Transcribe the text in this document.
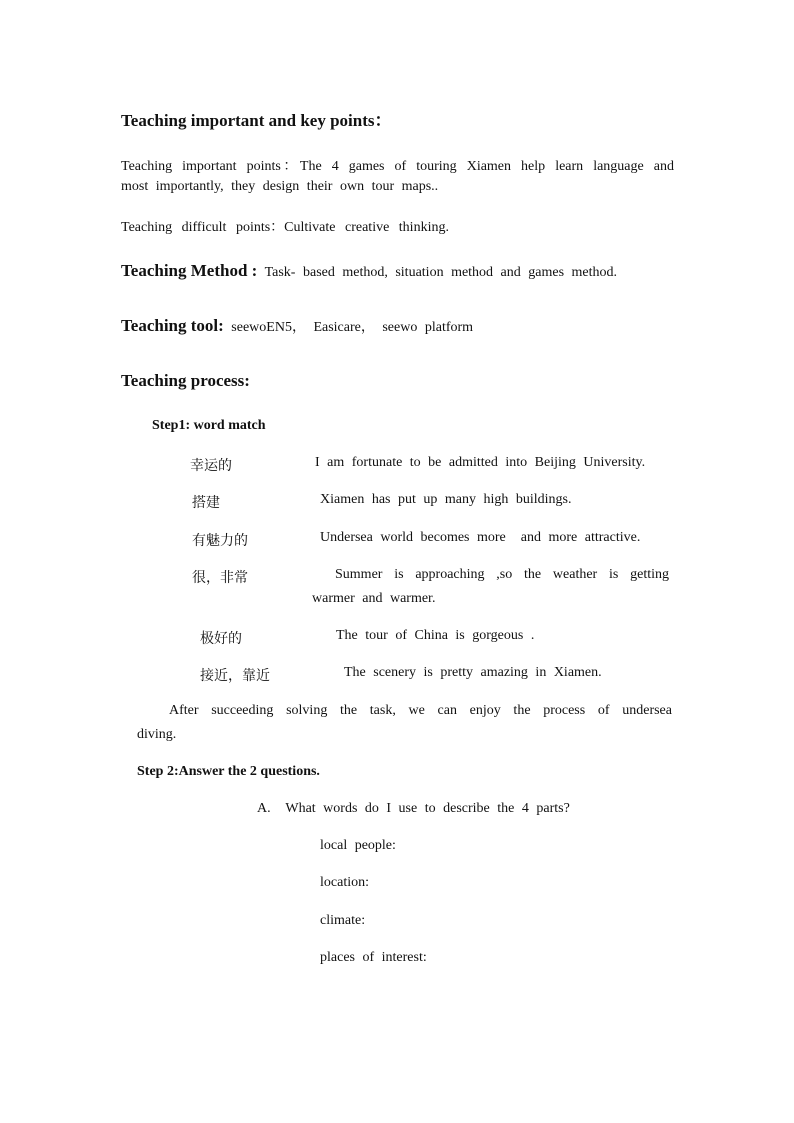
Teaching important and key points：
Teaching important points：The 4 games of touring Xiamen help learn language and
most importantly, they design their own tour maps..
Teaching difficult points：Cultivate creative thinking.
Teaching Method : Task- based method, situation method and games method.
Teaching tool: seewoEN5， Easicare， seewo platform
Teaching process:
Step1: word match
幸运的	I am fortunate to be admitted into Beijing University.
搭建	Xiamen has put up many high buildings.
有魅力的	Undersea world becomes more  and more attractive.
很，非常	Summer is approaching ,so the weather is getting
warmer and warmer.
极好的	The tour of China is gorgeous .
接近，靠近	The scenery is pretty amazing in Xiamen.
After succeeding solving the task, we can enjoy the process of undersea
diving.
Step 2:Answer the 2 questions.
A.  What words do I use to describe the 4 parts?
local people:
location:
climate:
places of interest:
